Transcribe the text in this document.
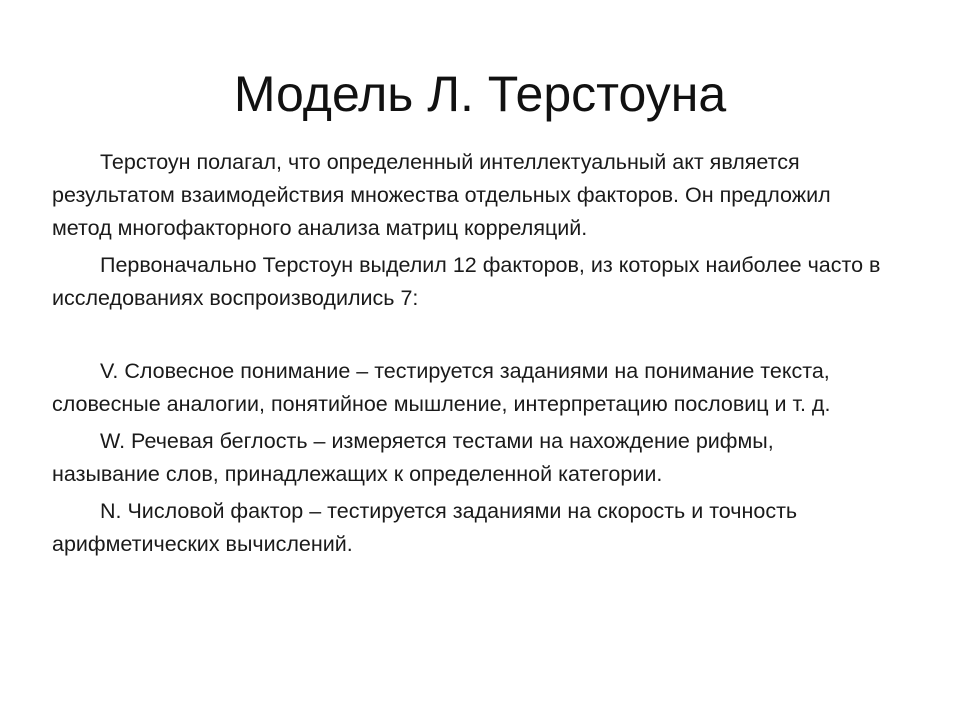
Модель Л. Терстоуна

Терстоун полагал, что определенный интеллектуальный акт является результатом взаимодействия множества отдельных факторов. Он предложил метод многофакторного анализа матриц корреляций.

Первоначально Терстоун выделил 12 факторов, из которых наиболее часто в исследованиях воспроизводились 7:

V. Словесное понимание – тестируется заданиями на понимание текста, словесные аналогии, понятийное мышление, интерпретацию пословиц и т. д.

W. Речевая беглость – измеряется тестами на нахождение рифмы, называние слов, принадлежащих к определенной категории.

N. Числовой фактор – тестируется заданиями на скорость и точность арифметических вычислений.
